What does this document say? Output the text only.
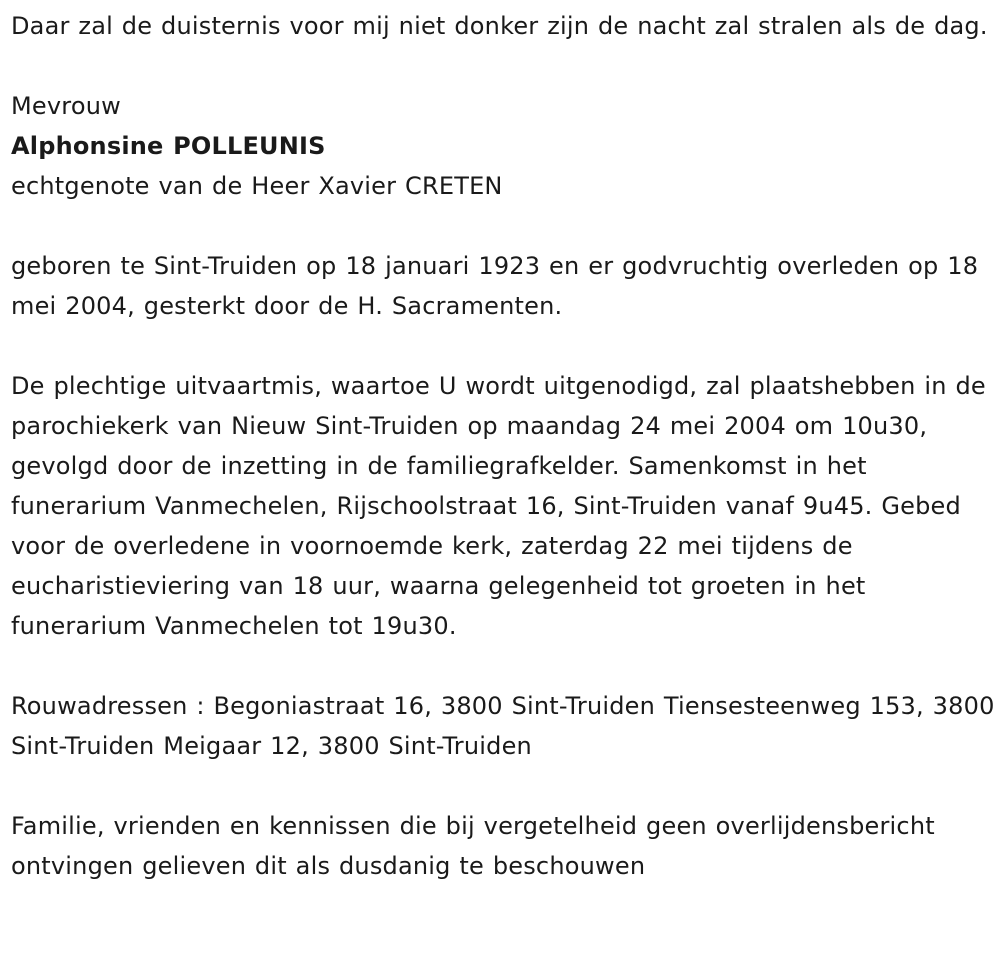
Daar zal de duisternis voor mij niet donker zijn de nacht zal stralen als de dag.

Mevrouw

Alphonsine POLLEUNIS

echtgenote van de Heer Xavier CRETEN

geboren te Sint-Truiden op 18 januari 1923 en er godvruchtig overleden op 18 mei 2004, gesterkt door de H. Sacramenten.

De plechtige uitvaartmis, waartoe U wordt uitgenodigd, zal plaatshebben in de parochiekerk van Nieuw Sint-Truiden op maandag 24 mei 2004 om 10u30, gevolgd door de inzetting in de familiegrafkelder. Samenkomst in het funerarium Vanmechelen, Rijschoolstraat 16, Sint-Truiden vanaf 9u45. Gebed voor de overledene in voornoemde kerk, zaterdag 22 mei tijdens de eucharistieviering van 18 uur, waarna gelegenheid tot groeten in het funerarium Vanmechelen tot 19u30.

Rouwadressen : Begoniastraat 16, 3800 Sint-Truiden Tiensesteenweg 153, 3800 Sint-Truiden Meigaar 12, 3800 Sint-Truiden

Familie, vrienden en kennissen die bij vergetelheid geen overlijdensbericht ontvingen gelieven dit als dusdanig te beschouwen
